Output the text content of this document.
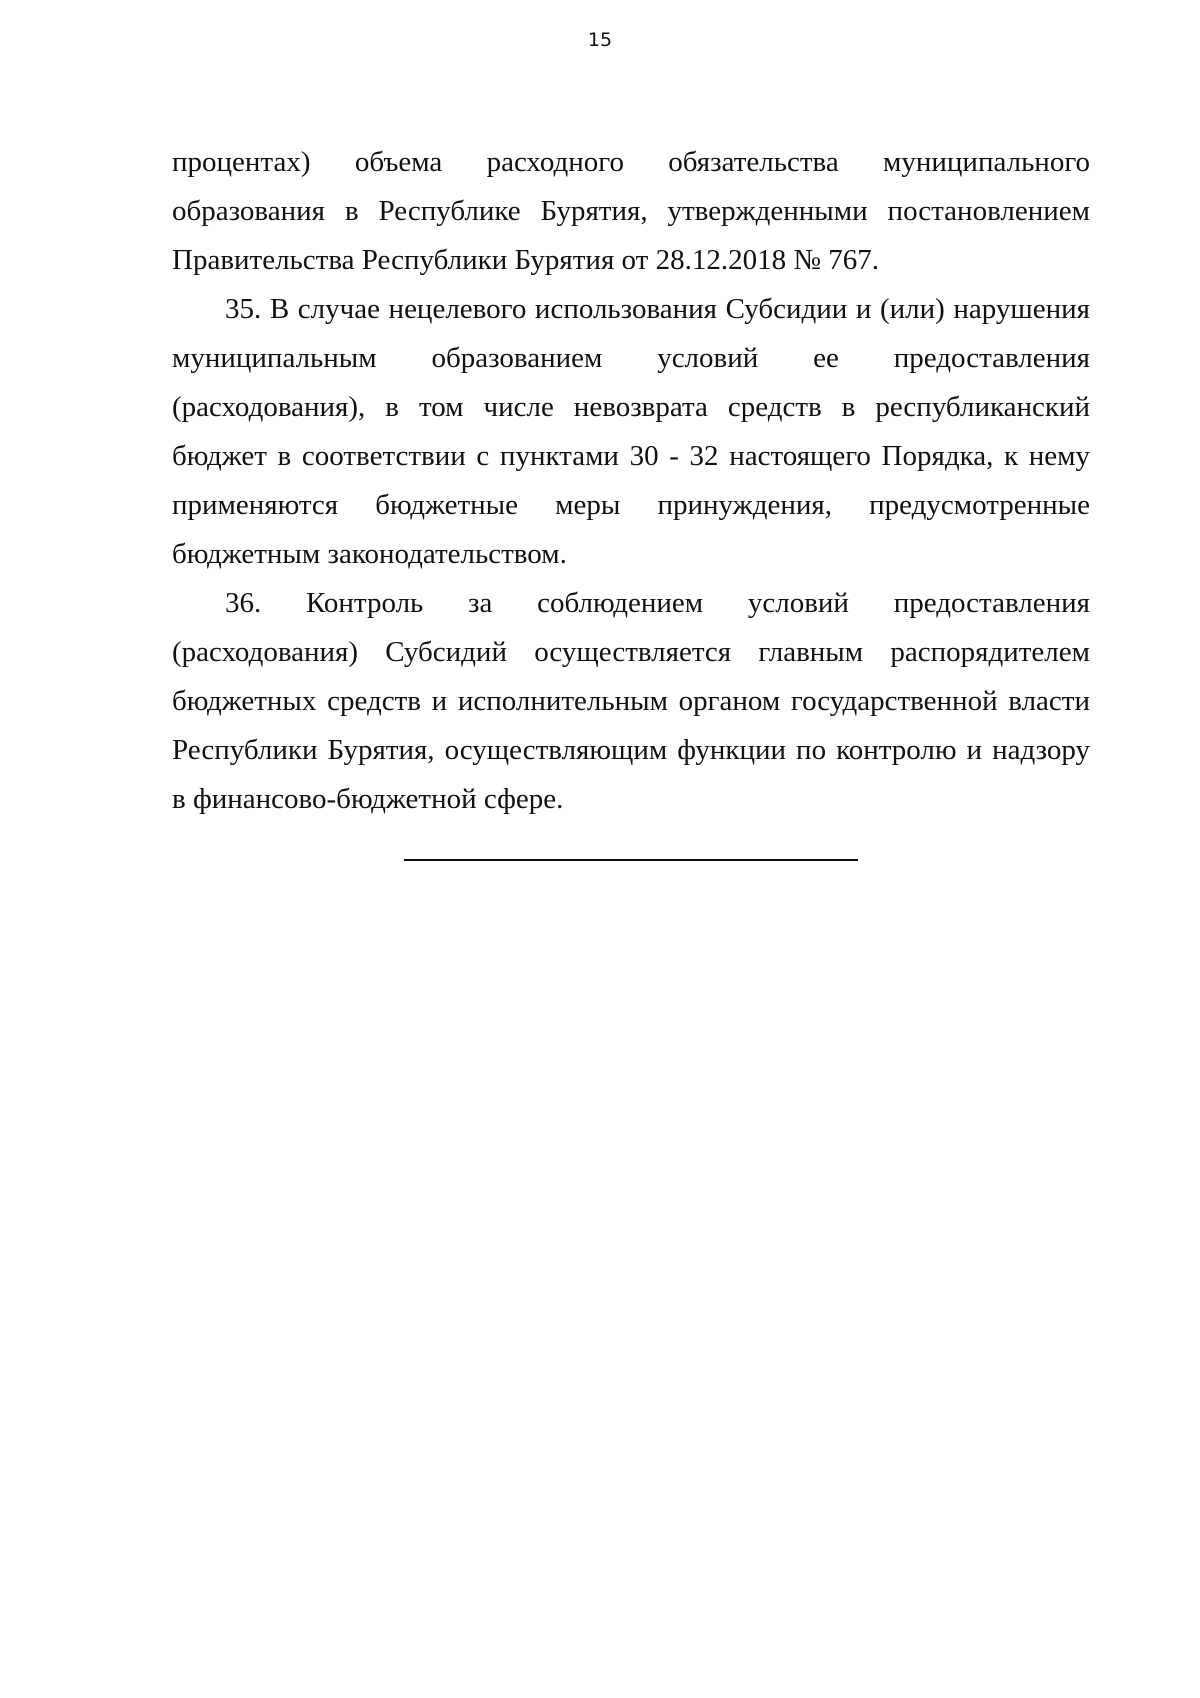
15

процентах) объема расходного обязательства муниципального образования в Республике Бурятия, утвержденными постановлением Правительства Республики Бурятия от 28.12.2018 № 767.

35. В случае нецелевого использования Субсидии и (или) нарушения муниципальным образованием условий ее предоставления (расходования), в том числе невозврата средств в республиканский бюджет в соответствии с пунктами 30 - 32 настоящего Порядка, к нему применяются бюджетные меры принуждения, предусмотренные бюджетным законодательством.

36. Контроль за соблюдением условий предоставления (расходования) Субсидий осуществляется главным распорядителем бюджетных средств и исполнительным органом государственной власти Республики Бурятия, осуществляющим функции по контролю и надзору в финансово-бюджетной сфере.
